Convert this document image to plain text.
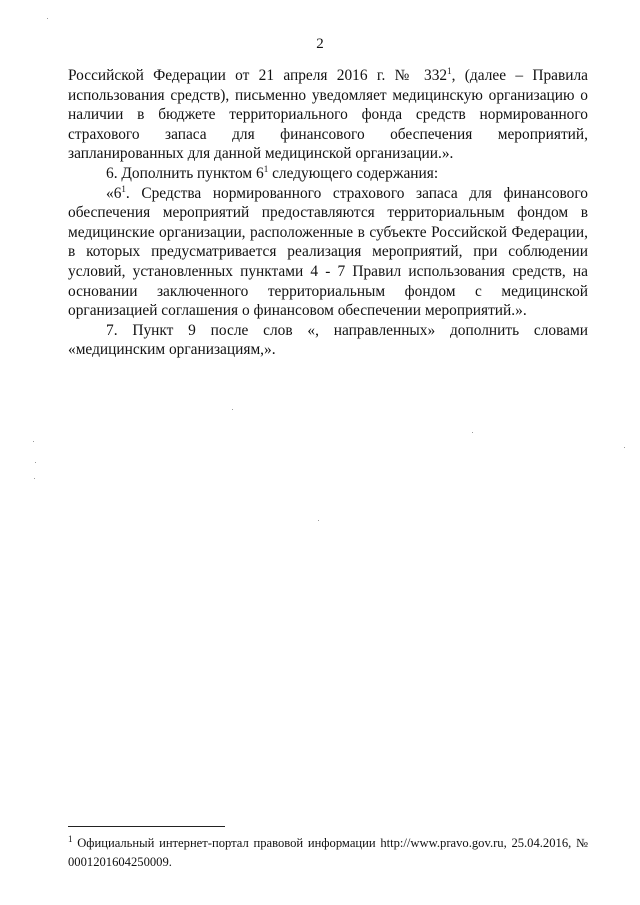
2

Российской Федерации от 21 апреля 2016 г. № $332^1$, (далее – Правила использования средств), письменно уведомляет медицинскую организацию о наличии в бюджете территориального фонда средств нормированного страхового запаса для финансового обеспечения мероприятий, запланированных для данной медицинской организации.».

6. Дополнить пунктом $6^1$ следующего содержания:

«$6^1$. Средства нормированного страхового запаса для финансового обеспечения мероприятий предоставляются территориальным фондом в медицинские организации, расположенные в субъекте Российской Федерации, в которых предусматривается реализация мероприятий, при соблюдении условий, установленных пунктами 4 - 7 Правил использования средств, на основании заключенного территориальным фондом с медицинской организацией соглашения о финансовом обеспечении мероприятий.».

7. Пункт 9 после слов «, направленных» дополнить словами «медицинским организациям,».

$^1$ Официальный интернет-портал правовой информации http://www.pravo.gov.ru, 25.04.2016, № 0001201604250009.
